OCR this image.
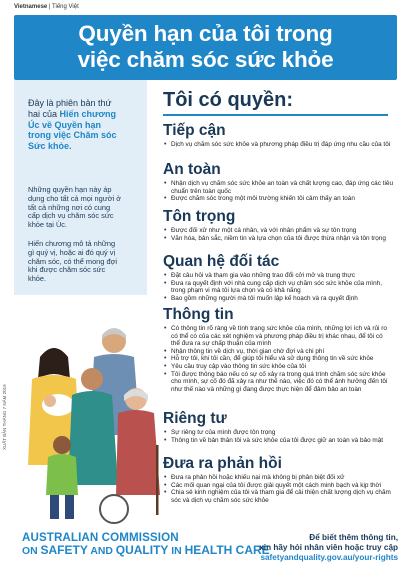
Vietnamese | Tiếng Việt
Quyền hạn của tôi trong
việc chăm sóc sức khỏe
Đây là phiên bản thứ hai của Hiến chương Úc về Quyền hạn trong việc Chăm sóc Sức khỏe.
Những quyền hạn này áp dụng cho tất cả mọi người ở tất cả những nơi có cung cấp dịch vụ chăm sóc sức khỏe tại Úc.
Hiến chương mô tả những gì quý vị, hoặc ai đó quý vị chăm sóc, có thể mong đợi khi được chăm sóc sức khỏe.
XUẤT BẢN THÁNG 7 NĂM 2019
Tôi có quyền:
Tiếp cận
• Dịch vụ chăm sóc sức khỏe và phương pháp điều trị đáp ứng nhu cầu của tôi
An toàn
• Nhận dịch vụ chăm sóc sức khỏe an toàn và chất lượng cao, đáp ứng các tiêu chuẩn trên toàn quốc
• Được chăm sóc trong một môi trường khiến tôi cảm thấy an toàn
Tôn trọng
• Được đối xử như một cá nhân, và với nhân phẩm và sự tôn trọng
• Văn hóa, bản sắc, niềm tin và lựa chọn của tôi được thừa nhận và tôn trọng
Quan hệ đối tác
• Đặt câu hỏi và tham gia vào những trao đổi cởi mở và trung thực
• Đưa ra quyết định với nhà cung cấp dịch vụ chăm sóc sức khỏe của mình, trong phạm vi mà tôi lựa chọn và có khả năng
• Bao gồm những người mà tôi muốn lập kế hoạch và ra quyết định
Thông tin
• Có thông tin rõ ràng về tình trạng sức khỏe của mình, những lợi ích và rủi ro có thể có của các xét nghiệm và phương pháp điều trị khác nhau, để tôi có thể đưa ra sự chấp thuận của mình
• Nhận thông tin về dịch vụ, thời gian chờ đợi và chi phí
• Hỗ trợ tôi, khi tôi cần, để giúp tôi hiểu và sử dụng thông tin về sức khỏe
• Yêu cầu truy cập vào thông tin sức khỏe của tôi
• Tôi được thông báo nếu có sự cố xảy ra trong quá trình chăm sóc sức khỏe cho mình, sự cố đó đã xảy ra như thế nào, việc đó có thể ảnh hưởng đến tôi như thế nào và những gì đang được thực hiện để đảm bảo an toàn
Riêng tư
• Sự riêng tư của mình được tôn trọng
• Thông tin về bản thân tôi và sức khỏe của tôi được giữ an toàn và bảo mật
Đưa ra phản hồi
• Đưa ra phản hồi hoặc khiếu nại mà không bị phân biệt đối xử
• Các mối quan ngại của tôi được giải quyết một cách minh bạch và kịp thời
• Chia sẻ kinh nghiệm của tôi và tham gia để cải thiện chất lượng dịch vụ chăm sóc và dịch vụ chăm sóc sức khỏe
AUSTRALIAN COMMISSION
ON SAFETY AND QUALITY IN HEALTH CARE
Để biết thêm thông tin,
xin hãy hỏi nhân viên hoặc truy cập
safetyandquality.gov.au/your-rights
